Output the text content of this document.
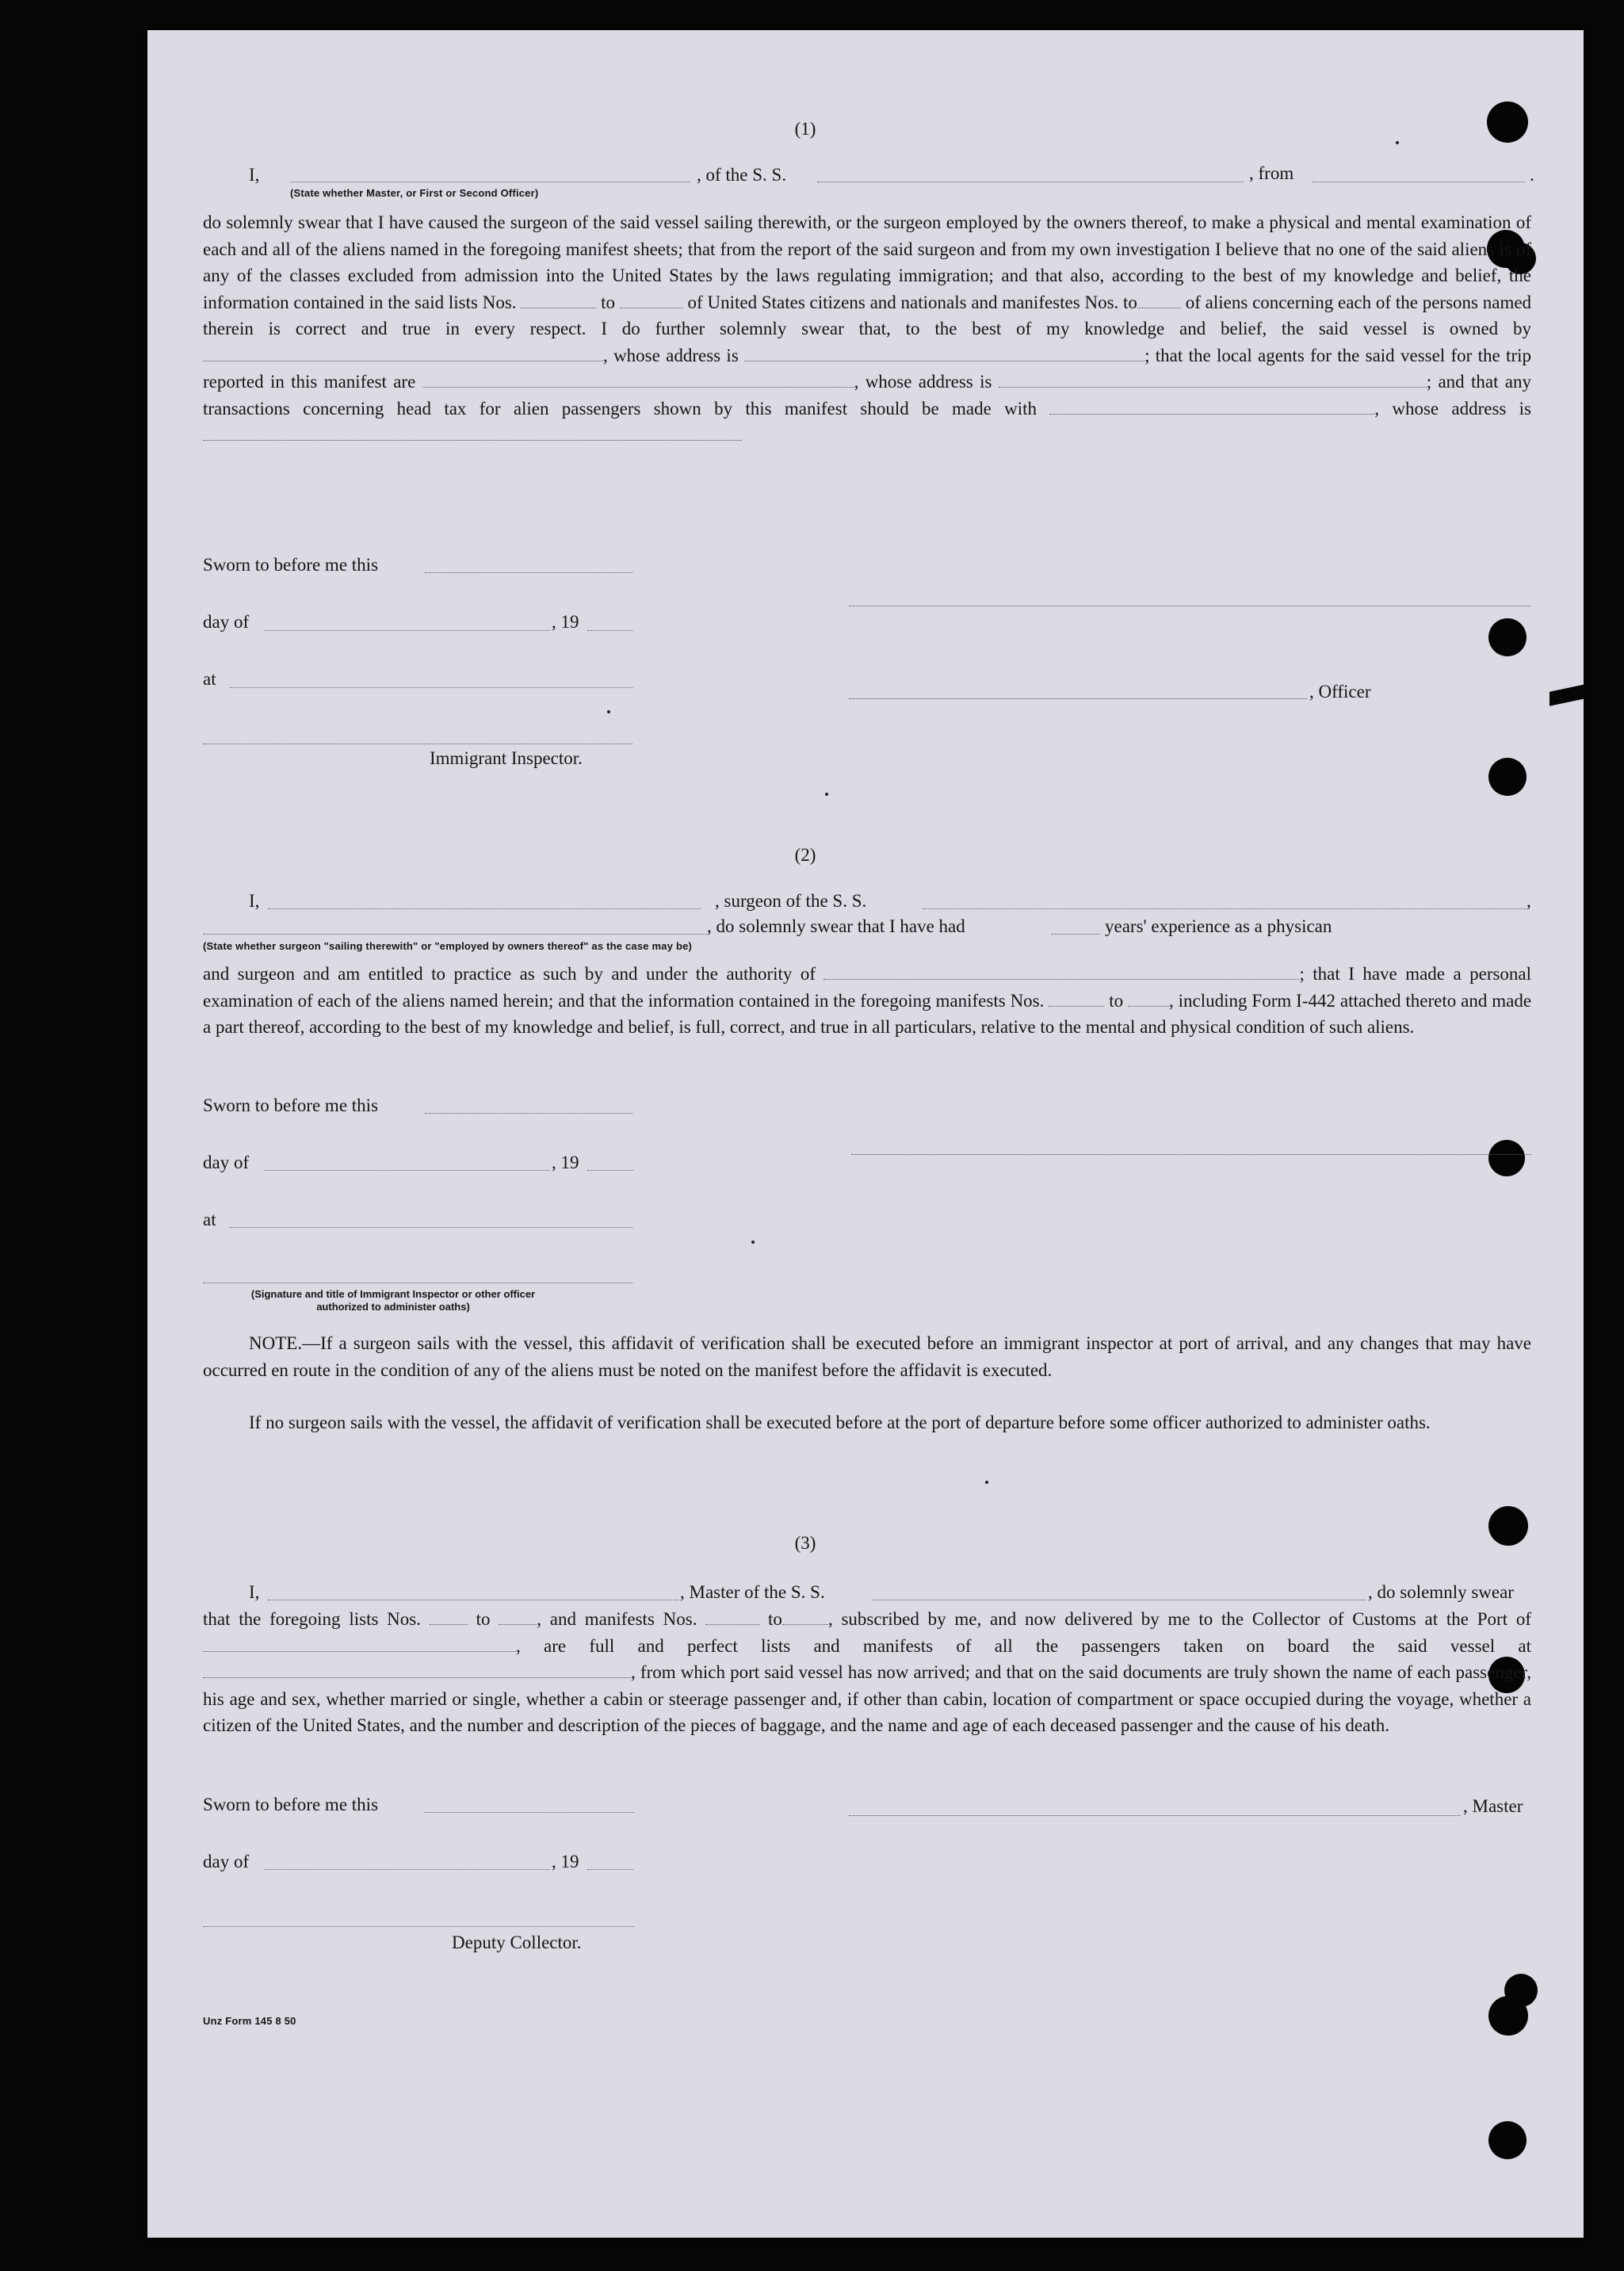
(1)
I,	, of the S. S.	, from	.
(State whether Master, or First or Second Officer)
do solemnly swear that I have caused the surgeon of the said vessel sailing therewith, or the surgeon employed by the owners thereof, to make a physical and mental examination of each and all of the aliens named in the foregoing manifest sheets; that from the report of the said surgeon and from my own investigation I believe that no one of the said aliens is of any of the classes excluded from admission into the United States by the laws regulating immigration; and that also, according to the best of my knowledge and belief, the information contained in the said lists Nos.	to	of United States citizens and nationals and manifestes Nos. to	of aliens concerning each of the persons named therein is correct and true in every respect. I do further solemnly swear that, to the best of my knowledge and belief, the said vessel is owned by , whose address is	; that the local agents for the said vessel for the trip reported in this manifest are	, whose address is	; and that any transactions concerning head tax for alien passengers shown by this manifest should be made with	, whose address is
Sworn to before me this
day of	, 19
at
Immigrant Inspector.
, Officer
(2)
I,	, surgeon of the S. S.	,
, do solemnly swear that I have had	years' experience as a physican
(State whether surgeon "sailing therewith" or "employed by owners thereof" as the case may be)
and surgeon and am entitled to practice as such by and under the authority of	; that I have made a personal examination of each of the aliens named herein; and that the information contained in the foregoing manifests Nos.	to	, including Form I-442 attached thereto and made a part thereof, according to the best of my knowledge and belief, is full, correct, and true in all particulars, relative to the mental and physical condition of such aliens.
Sworn to before me this
day of	, 19
at
(Signature and title of Immigrant Inspector or other officer authorized to administer oaths)
NOTE.—If a surgeon sails with the vessel, this affidavit of verification shall be executed before an immigrant inspector at port of arrival, and any changes that may have occurred en route in the condition of any of the aliens must be noted on the manifest before the affidavit is executed.
If no surgeon sails with the vessel, the affidavit of verification shall be executed before at the port of departure before some officer authorized to administer oaths.
(3)
I,	, Master of the S. S.	, do solemnly swear
that the foregoing lists Nos.	to	, and manifests Nos.	to	, subscribed by me, and now delivered by me to the Collector of Customs at the Port of, are full and perfect lists and manifests of all the passengers taken on board the said vessel at , from which port said vessel has now arrived; and that on the said documents are truly shown the name of each passenger, his age and sex, whether married or single, whether a cabin or steerage passenger and, if other than cabin, location of compartment or space occupied during the voyage, whether a citizen of the United States, and the number and description of the pieces of baggage, and the name and age of each deceased passenger and the cause of his death.
Sworn to before me this	, Master
day of	, 19
Deputy Collector.
Unz Form 145 8 50
